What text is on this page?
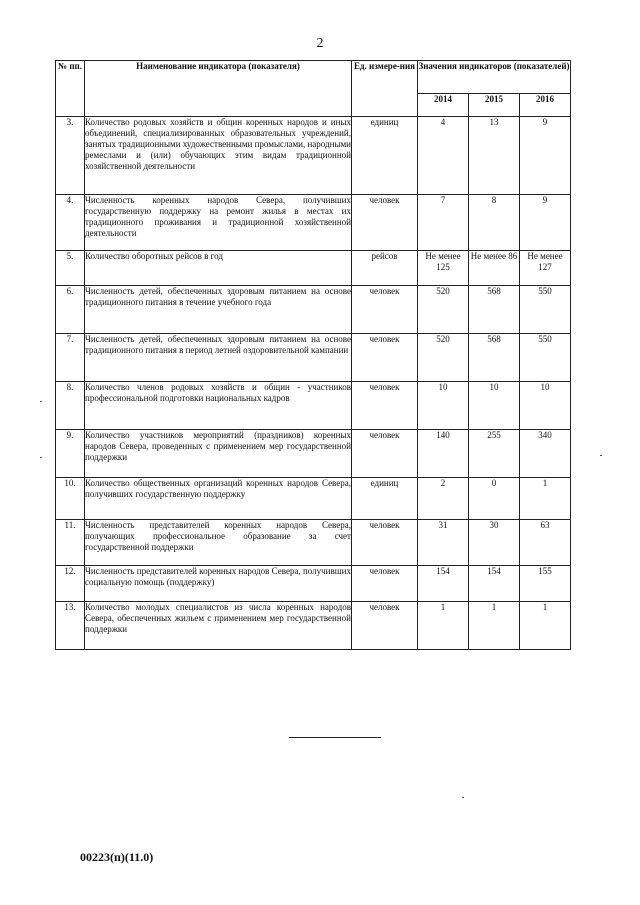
2
№ пп.	Наименование индикатора (показателя)	Ед. измере-ния	Значения индикаторов (показателей)		
			2014	2015	2016
3.	Количество родовых хозяйств и общин коренных народов и иных объединений, специализированных образовательных учреждений, занятых традиционными художественными промыслами, народными ремеслами и (или) обучающих этим видам традиционной хозяйственной деятельности	единиц	4	13	9
4.	Численность коренных народов Севера, получивших государственную поддержку на ремонт жилья в местах их традиционного проживания и традиционной хозяйственной деятельности	человек	7	8	9
5.	Количество оборотных рейсов в год	рейсов	Не менее 125	Не менее 86	Не менее 127
6.	Численность детей, обеспеченных здоровым питанием на основе традиционного питания в течение учебного года	человек	520	568	550
7.	Численность детей, обеспеченных здоровым питанием на основе традиционного питания в период летней оздоровительной кампании	человек	520	568	550
8.	Количество членов родовых хозяйств и общин - участников профессиональной подготовки национальных кадров	человек	10	10	10
9.	Количество участников мероприятий (праздников) коренных народов Севера, проведенных с применением мер государственной поддержки	человек	140	255	340
10.	Количество общественных организаций коренных народов Севера, получивших государственную поддержку	единиц	2	0	1
11.	Численность представителей коренных народов Севера, получающих профессиональное образование за счет государственной поддержки	человек	31	30	63
12.	Численность представителей коренных народов Севера, получивших социальную помощь (поддержку)	человек	154	154	155
13.	Количество молодых специалистов из числа коренных народов Севера, обеспеченных жильем с применением мер государственной поддержки	человек	1	1	1
00223(п)(11.0)
